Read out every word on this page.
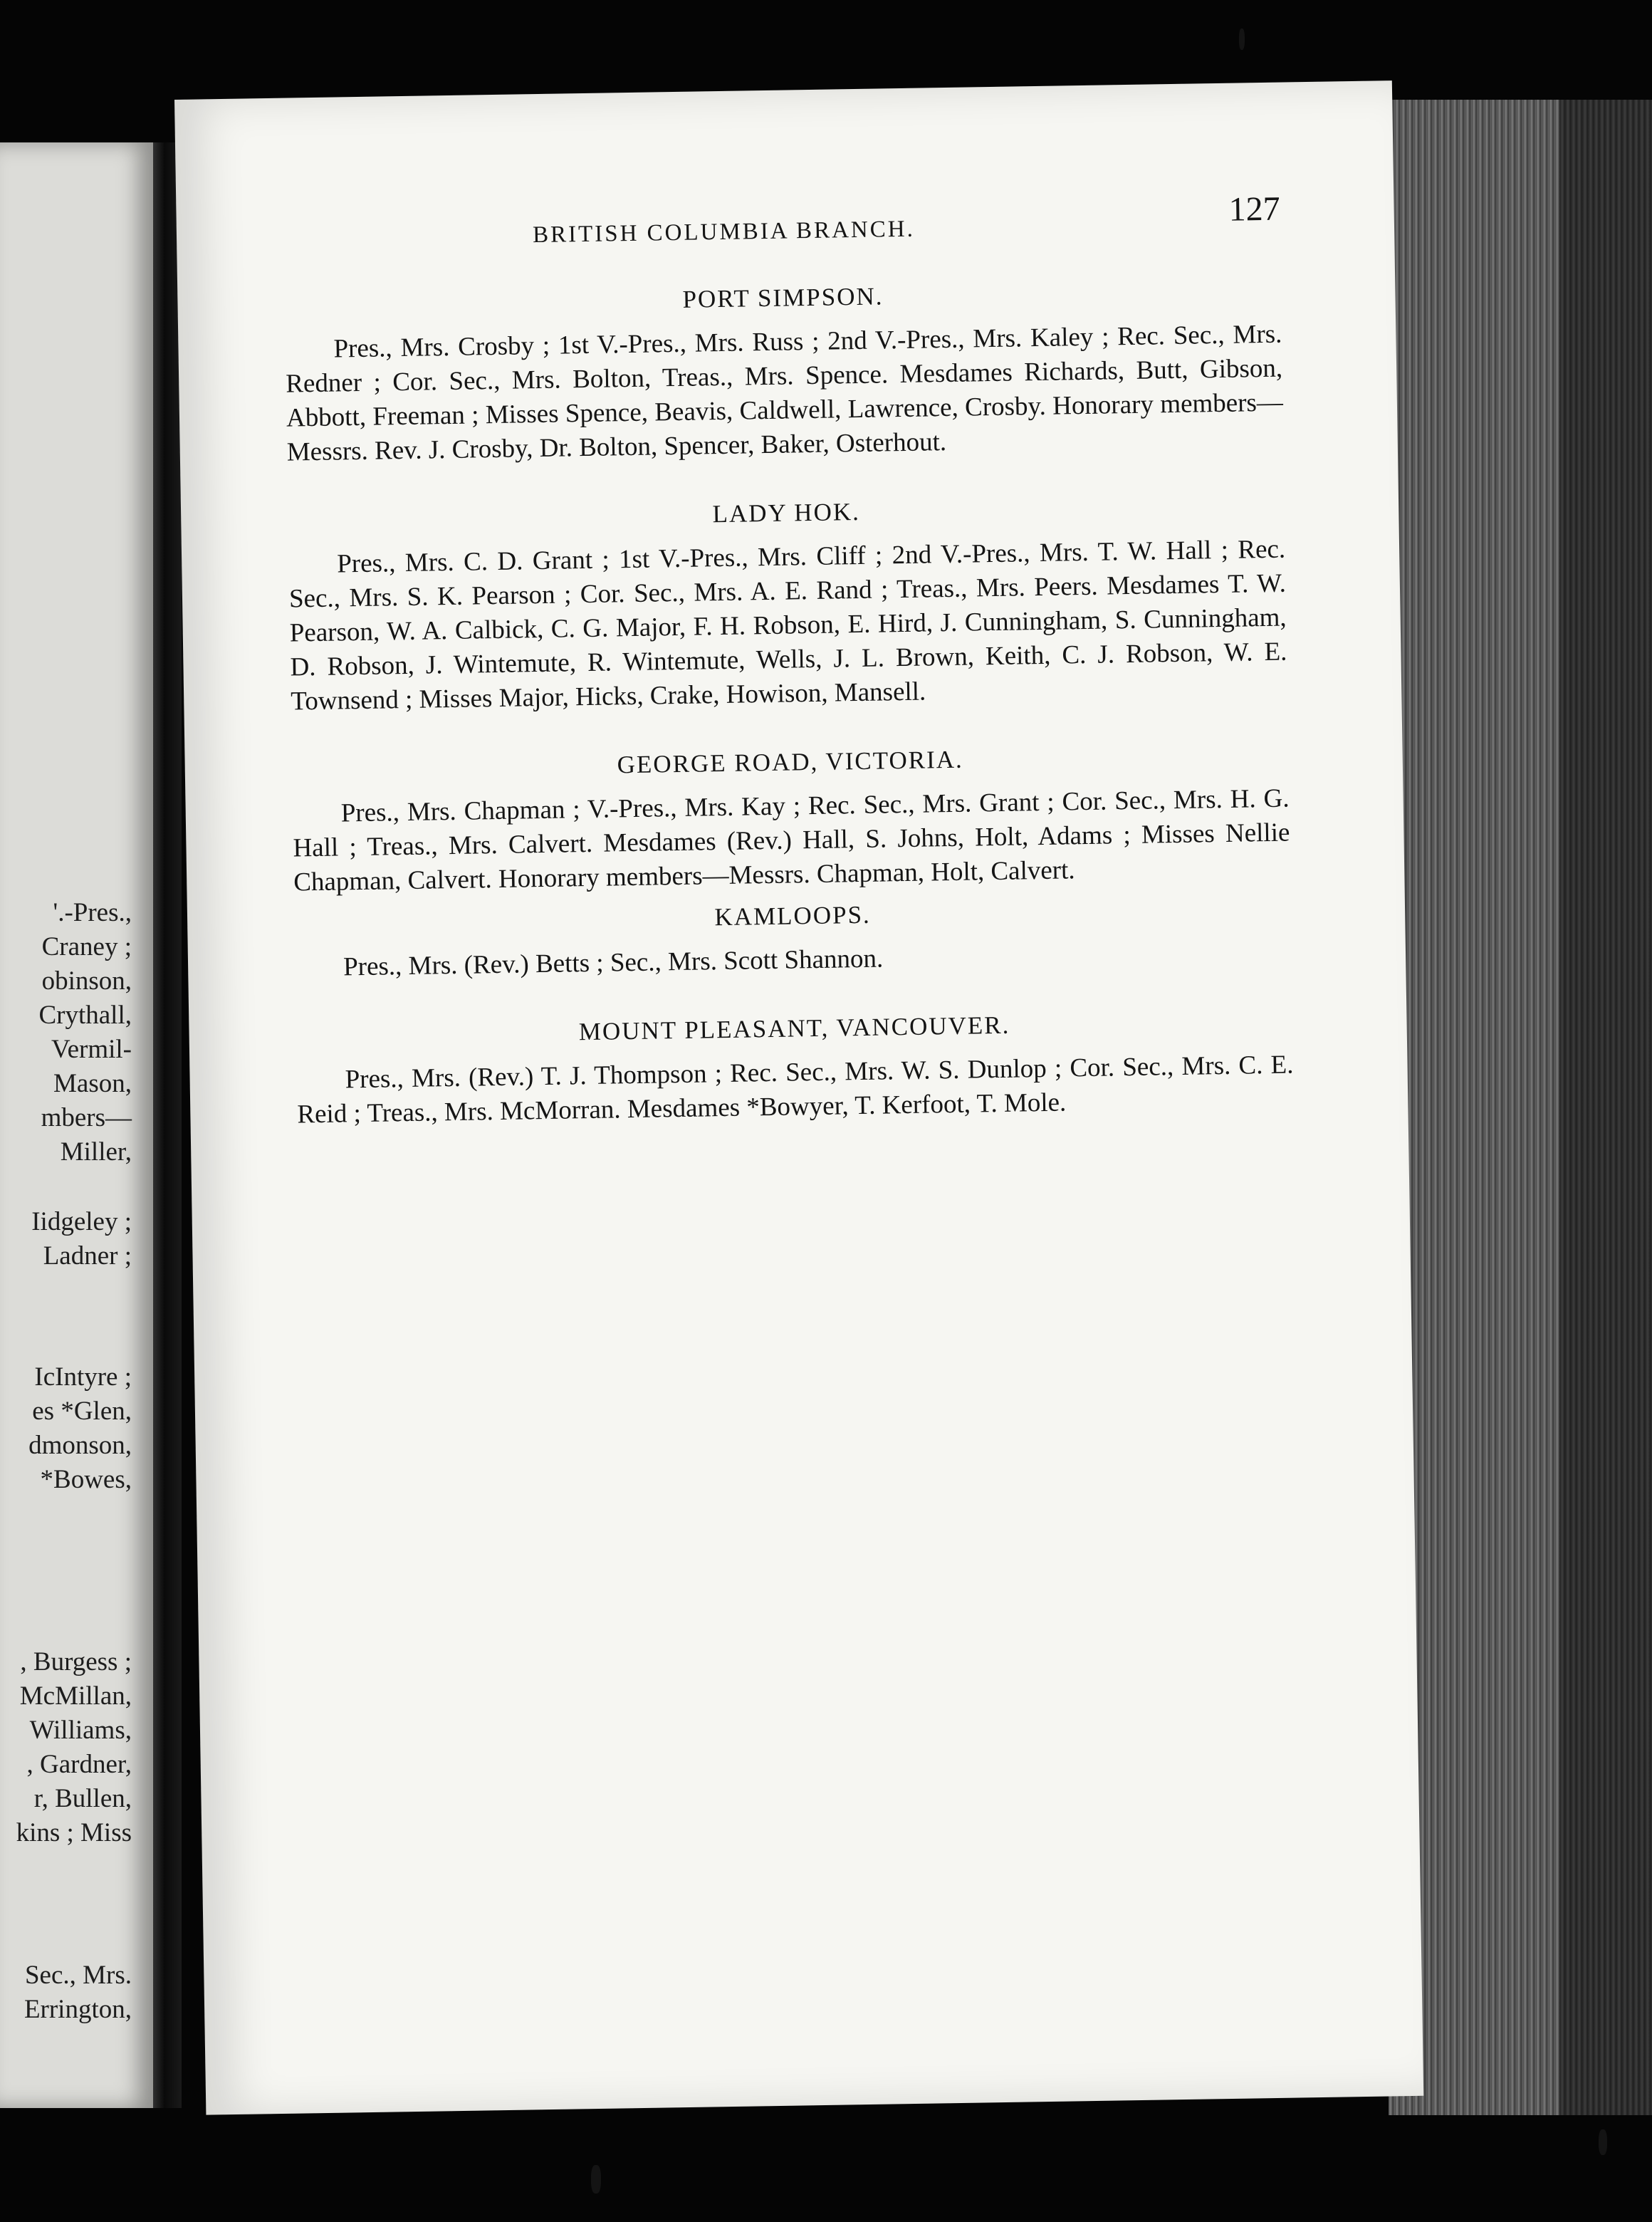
'.-Pres.,
Craney ;
obinson,
Crythall,
Vermil-
Mason,
mbers—
Miller,
Iidgeley ;
Ladner ;
IcIntyre ;
es *Glen,
dmonson,
*Bowes,
, Burgess ;
McMillan,
Williams,
, Gardner,
r, Bullen,
kins ; Miss
Sec., Mrs.
Errington,
BRITISH COLUMBIA BRANCH.
127
PORT SIMPSON.

Pres., Mrs. Crosby ; 1st V.-Pres., Mrs. Russ ; 2nd V.-Pres., Mrs. Kaley ; Rec. Sec., Mrs. Redner ; Cor. Sec., Mrs. Bolton, Treas., Mrs. Spence. Mesdames Richards, Butt, Gibson, Abbott, Freeman ; Misses Spence, Beavis, Caldwell, Lawrence, Crosby. Honorary members—Messrs. Rev. J. Crosby, Dr. Bolton, Spencer, Baker, Osterhout.

LADY HOK.

Pres., Mrs. C. D. Grant ; 1st V.-Pres., Mrs. Cliff ; 2nd V.-Pres., Mrs. T. W. Hall ; Rec. Sec., Mrs. S. K. Pearson ; Cor. Sec., Mrs. A. E. Rand ; Treas., Mrs. Peers. Mesdames T. W. Pearson, W. A. Calbick, C. G. Major, F. H. Robson, E. Hird, J. Cunningham, S. Cunningham, D. Robson, J. Wintemute, R. Wintemute, Wells, J. L. Brown, Keith, C. J. Robson, W. E. Townsend ; Misses Major, Hicks, Crake, Howison, Mansell.

GEORGE ROAD, VICTORIA.

Pres., Mrs. Chapman ; V.-Pres., Mrs. Kay ; Rec. Sec., Mrs. Grant ; Cor. Sec., Mrs. H. G. Hall ; Treas., Mrs. Calvert. Mesdames (Rev.) Hall, S. Johns, Holt, Adams ; Misses Nellie Chapman, Calvert. Honorary members—Messrs. Chapman, Holt, Calvert.

KAMLOOPS.

Pres., Mrs. (Rev.) Betts ; Sec., Mrs. Scott Shannon.

MOUNT PLEASANT, VANCOUVER.

Pres., Mrs. (Rev.) T. J. Thompson ; Rec. Sec., Mrs. W. S. Dunlop ; Cor. Sec., Mrs. C. E. Reid ; Treas., Mrs. McMorran. Mesdames *Bowyer, T. Kerfoot, T. Mole.
